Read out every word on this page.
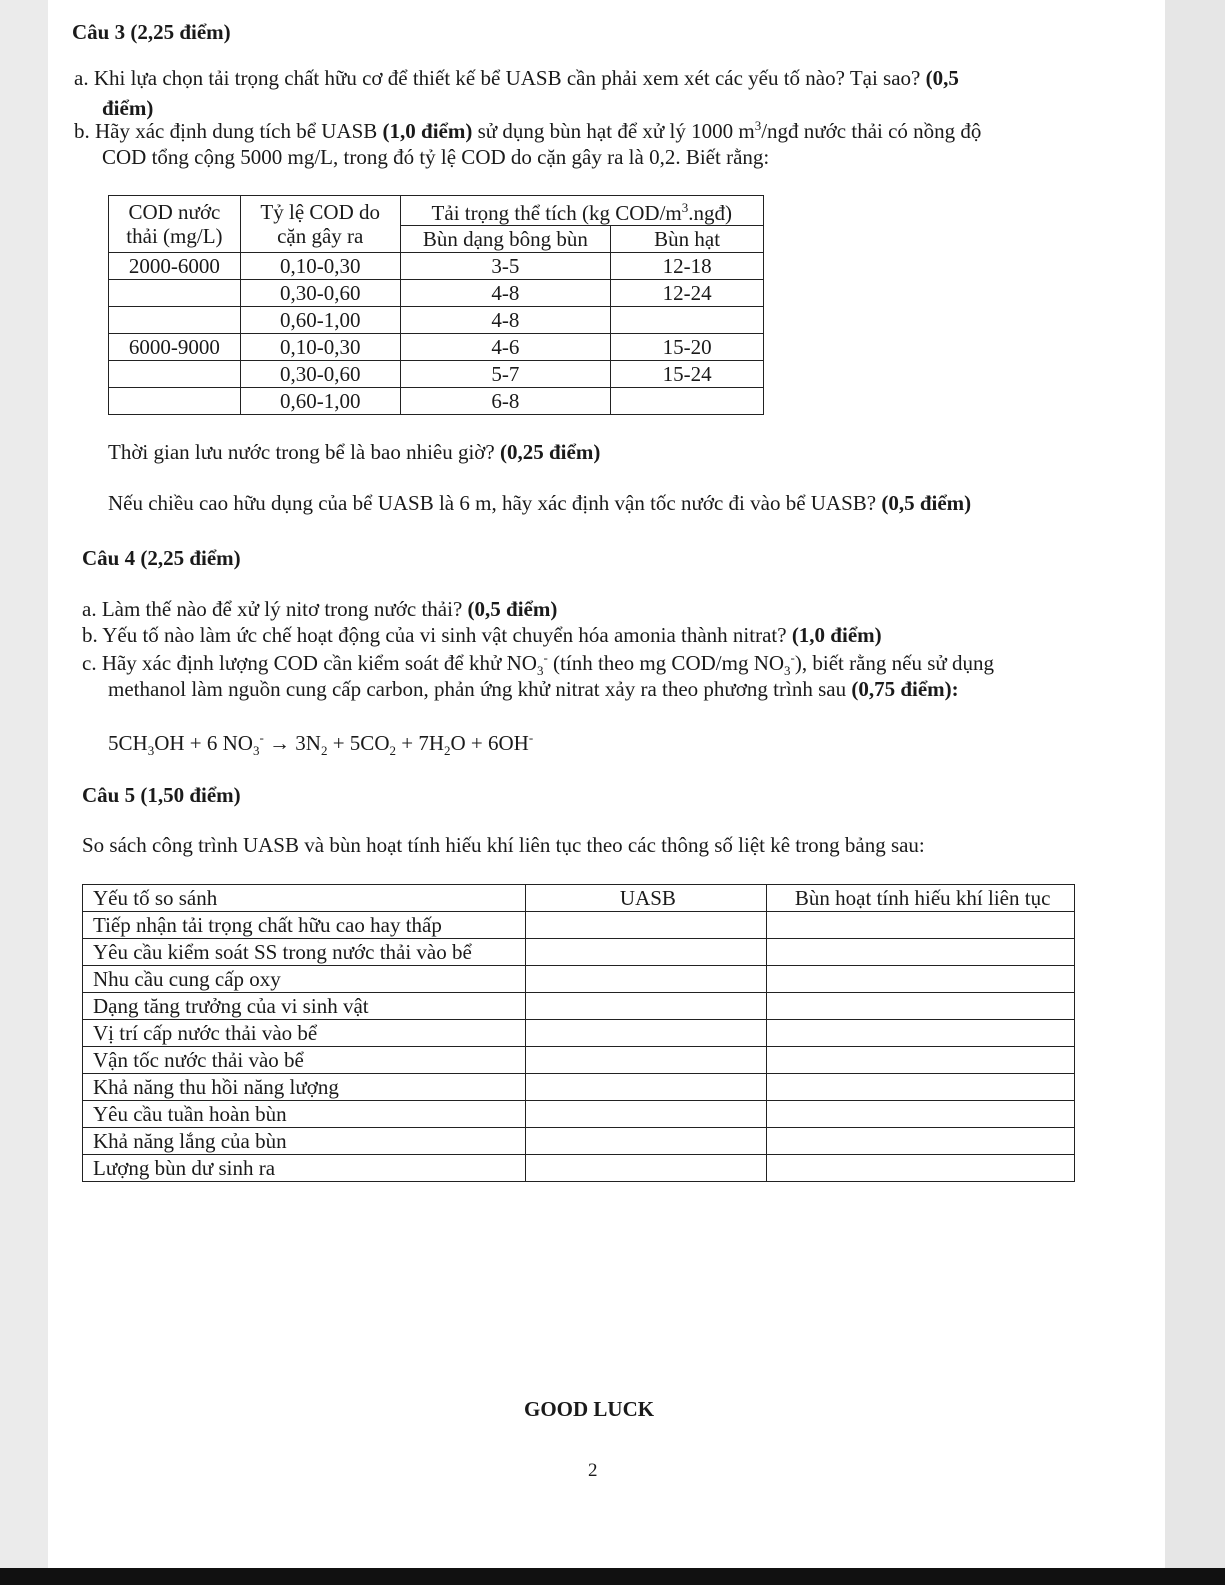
Câu 3 (2,25 điểm)
a. Khi lựa chọn tải trọng chất hữu cơ để thiết kế bể UASB cần phải xem xét các yếu tố nào? Tại sao? (0,5
điểm)
b. Hãy xác định dung tích bể UASB (1,0 điểm) sử dụng bùn hạt để xử lý 1000 $m^3$/ngđ nước thải có nồng độ
COD tổng cộng 5000 mg/L, trong đó tỷ lệ COD do cặn gây ra là 0,2. Biết rằng:
COD nước thải (mg/L)	Tỷ lệ COD do cặn gây ra	Tải trọng thể tích (kg COD/$m^3.ngđ$)	
		Bùn dạng bông bùn	Bùn hạt
2000-6000	0,10-0,30	3-5	12-18
	0,30-0,60	4-8	12-24
	0,60-1,00	4-8	
6000-9000	0,10-0,30	4-6	15-20
	0,30-0,60	5-7	15-24
	0,60-1,00	6-8	
Thời gian lưu nước trong bể là bao nhiêu giờ? (0,25 điểm)
Nếu chiều cao hữu dụng của bể UASB là 6 m, hãy xác định vận tốc nước đi vào bể UASB? (0,5 điểm)
Câu 4 (2,25 điểm)
a. Làm thế nào để xử lý nitơ trong nước thải? (0,5 điểm)
b. Yếu tố nào làm ức chế hoạt động của vi sinh vật chuyển hóa amonia thành nitrat? (1,0 điểm)
c. Hãy xác định lượng COD cần kiểm soát để khử $NO_3^-$ (tính theo mg COD/mg $NO_3^-$), biết rằng nếu sử dụng
methanol làm nguồn cung cấp carbon, phản ứng khử nitrat xảy ra theo phương trình sau (0,75 điểm):
$5CH_3OH + 6$ $NO_3^- \to 3N_2 + 5CO_2 + 7H_2O + 6OH^-$
Câu 5 (1,50 điểm)
So sách công trình UASB và bùn hoạt tính hiếu khí liên tục theo các thông số liệt kê trong bảng sau:
Yếu tố so sánh	UASB	Bùn hoạt tính hiếu khí liên tục
Tiếp nhận tải trọng chất hữu cao hay thấp		
Yêu cầu kiểm soát SS trong nước thải vào bể		
Nhu cầu cung cấp oxy		
Dạng tăng trưởng của vi sinh vật		
Vị trí cấp nước thải vào bể		
Vận tốc nước thải vào bể		
Khả năng thu hồi năng lượng		
Yêu cầu tuần hoàn bùn		
Khả năng lắng của bùn		
Lượng bùn dư sinh ra		
GOOD LUCK
2
